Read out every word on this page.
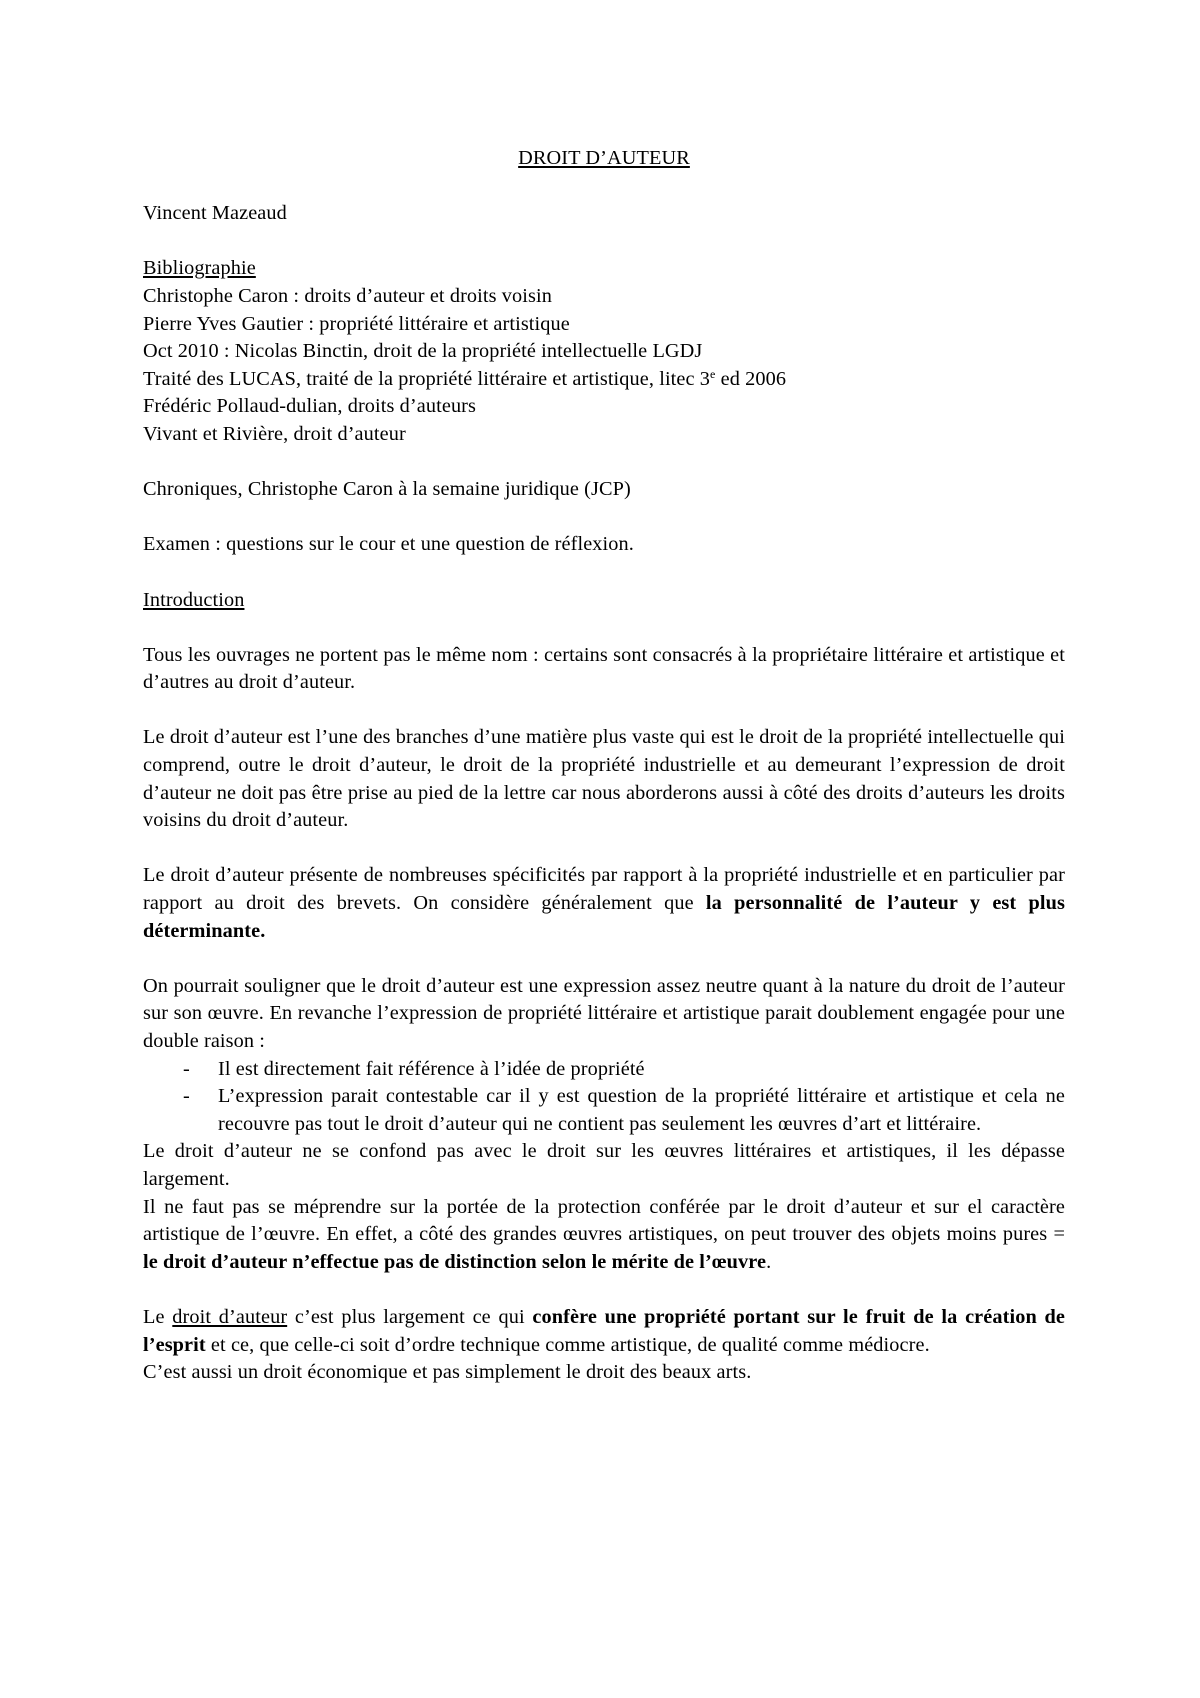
DROIT D’AUTEUR

Vincent Mazeaud

Bibliographie

Christophe Caron : droits d’auteur et droits voisin

Pierre Yves Gautier : propriété littéraire et artistique

Oct 2010 : Nicolas Binctin, droit de la propriété intellectuelle LGDJ

Traité des LUCAS, traité de la propriété littéraire et artistique, litec 3e ed 2006

Frédéric Pollaud-dulian, droits d’auteurs

Vivant et Rivière, droit d’auteur

Chroniques, Christophe Caron à la semaine juridique (JCP)

Examen : questions sur le cour et une question de réflexion.

Introduction

Tous les ouvrages ne portent pas le même nom : certains sont consacrés à la propriétaire littéraire et artistique et d’autres au droit d’auteur.

Le droit d’auteur est l’une des branches d’une matière plus vaste qui est le droit de la propriété intellectuelle qui comprend, outre le droit d’auteur, le droit de la propriété industrielle et au demeurant l’expression de droit d’auteur ne doit pas être prise au pied de la lettre car nous aborderons aussi à côté des droits d’auteurs les droits voisins du droit d’auteur.

Le droit d’auteur présente de nombreuses spécificités par rapport à la propriété industrielle et en particulier par rapport au droit des brevets. On considère généralement que la personnalité de l’auteur y est plus déterminante.

On pourrait souligner que le droit d’auteur est une expression assez neutre quant à la nature du droit de l’auteur sur son œuvre. En revanche l’expression de propriété littéraire et artistique parait doublement engagée pour une double raison :

- Il est directement fait référence à l’idée de propriété
- L’expression parait contestable car il y est question de la propriété littéraire et artistique et cela ne recouvre pas tout le droit d’auteur qui ne contient pas seulement les œuvres d’art et littéraire.

Le droit d’auteur ne se confond pas avec le droit sur les œuvres littéraires et artistiques, il les dépasse largement.

Il ne faut pas se méprendre sur la portée de la protection conférée par le droit d’auteur et sur el caractère artistique de l’œuvre. En effet, a côté des grandes œuvres artistiques, on peut trouver des objets moins pures = le droit d’auteur n’effectue pas de distinction selon le mérite de l’œuvre.

Le droit d’auteur c’est plus largement ce qui confère une propriété portant sur le fruit de la création de l’esprit et ce, que celle-ci soit d’ordre technique comme artistique, de qualité comme médiocre.

C’est aussi un droit économique et pas simplement le droit des beaux arts.
